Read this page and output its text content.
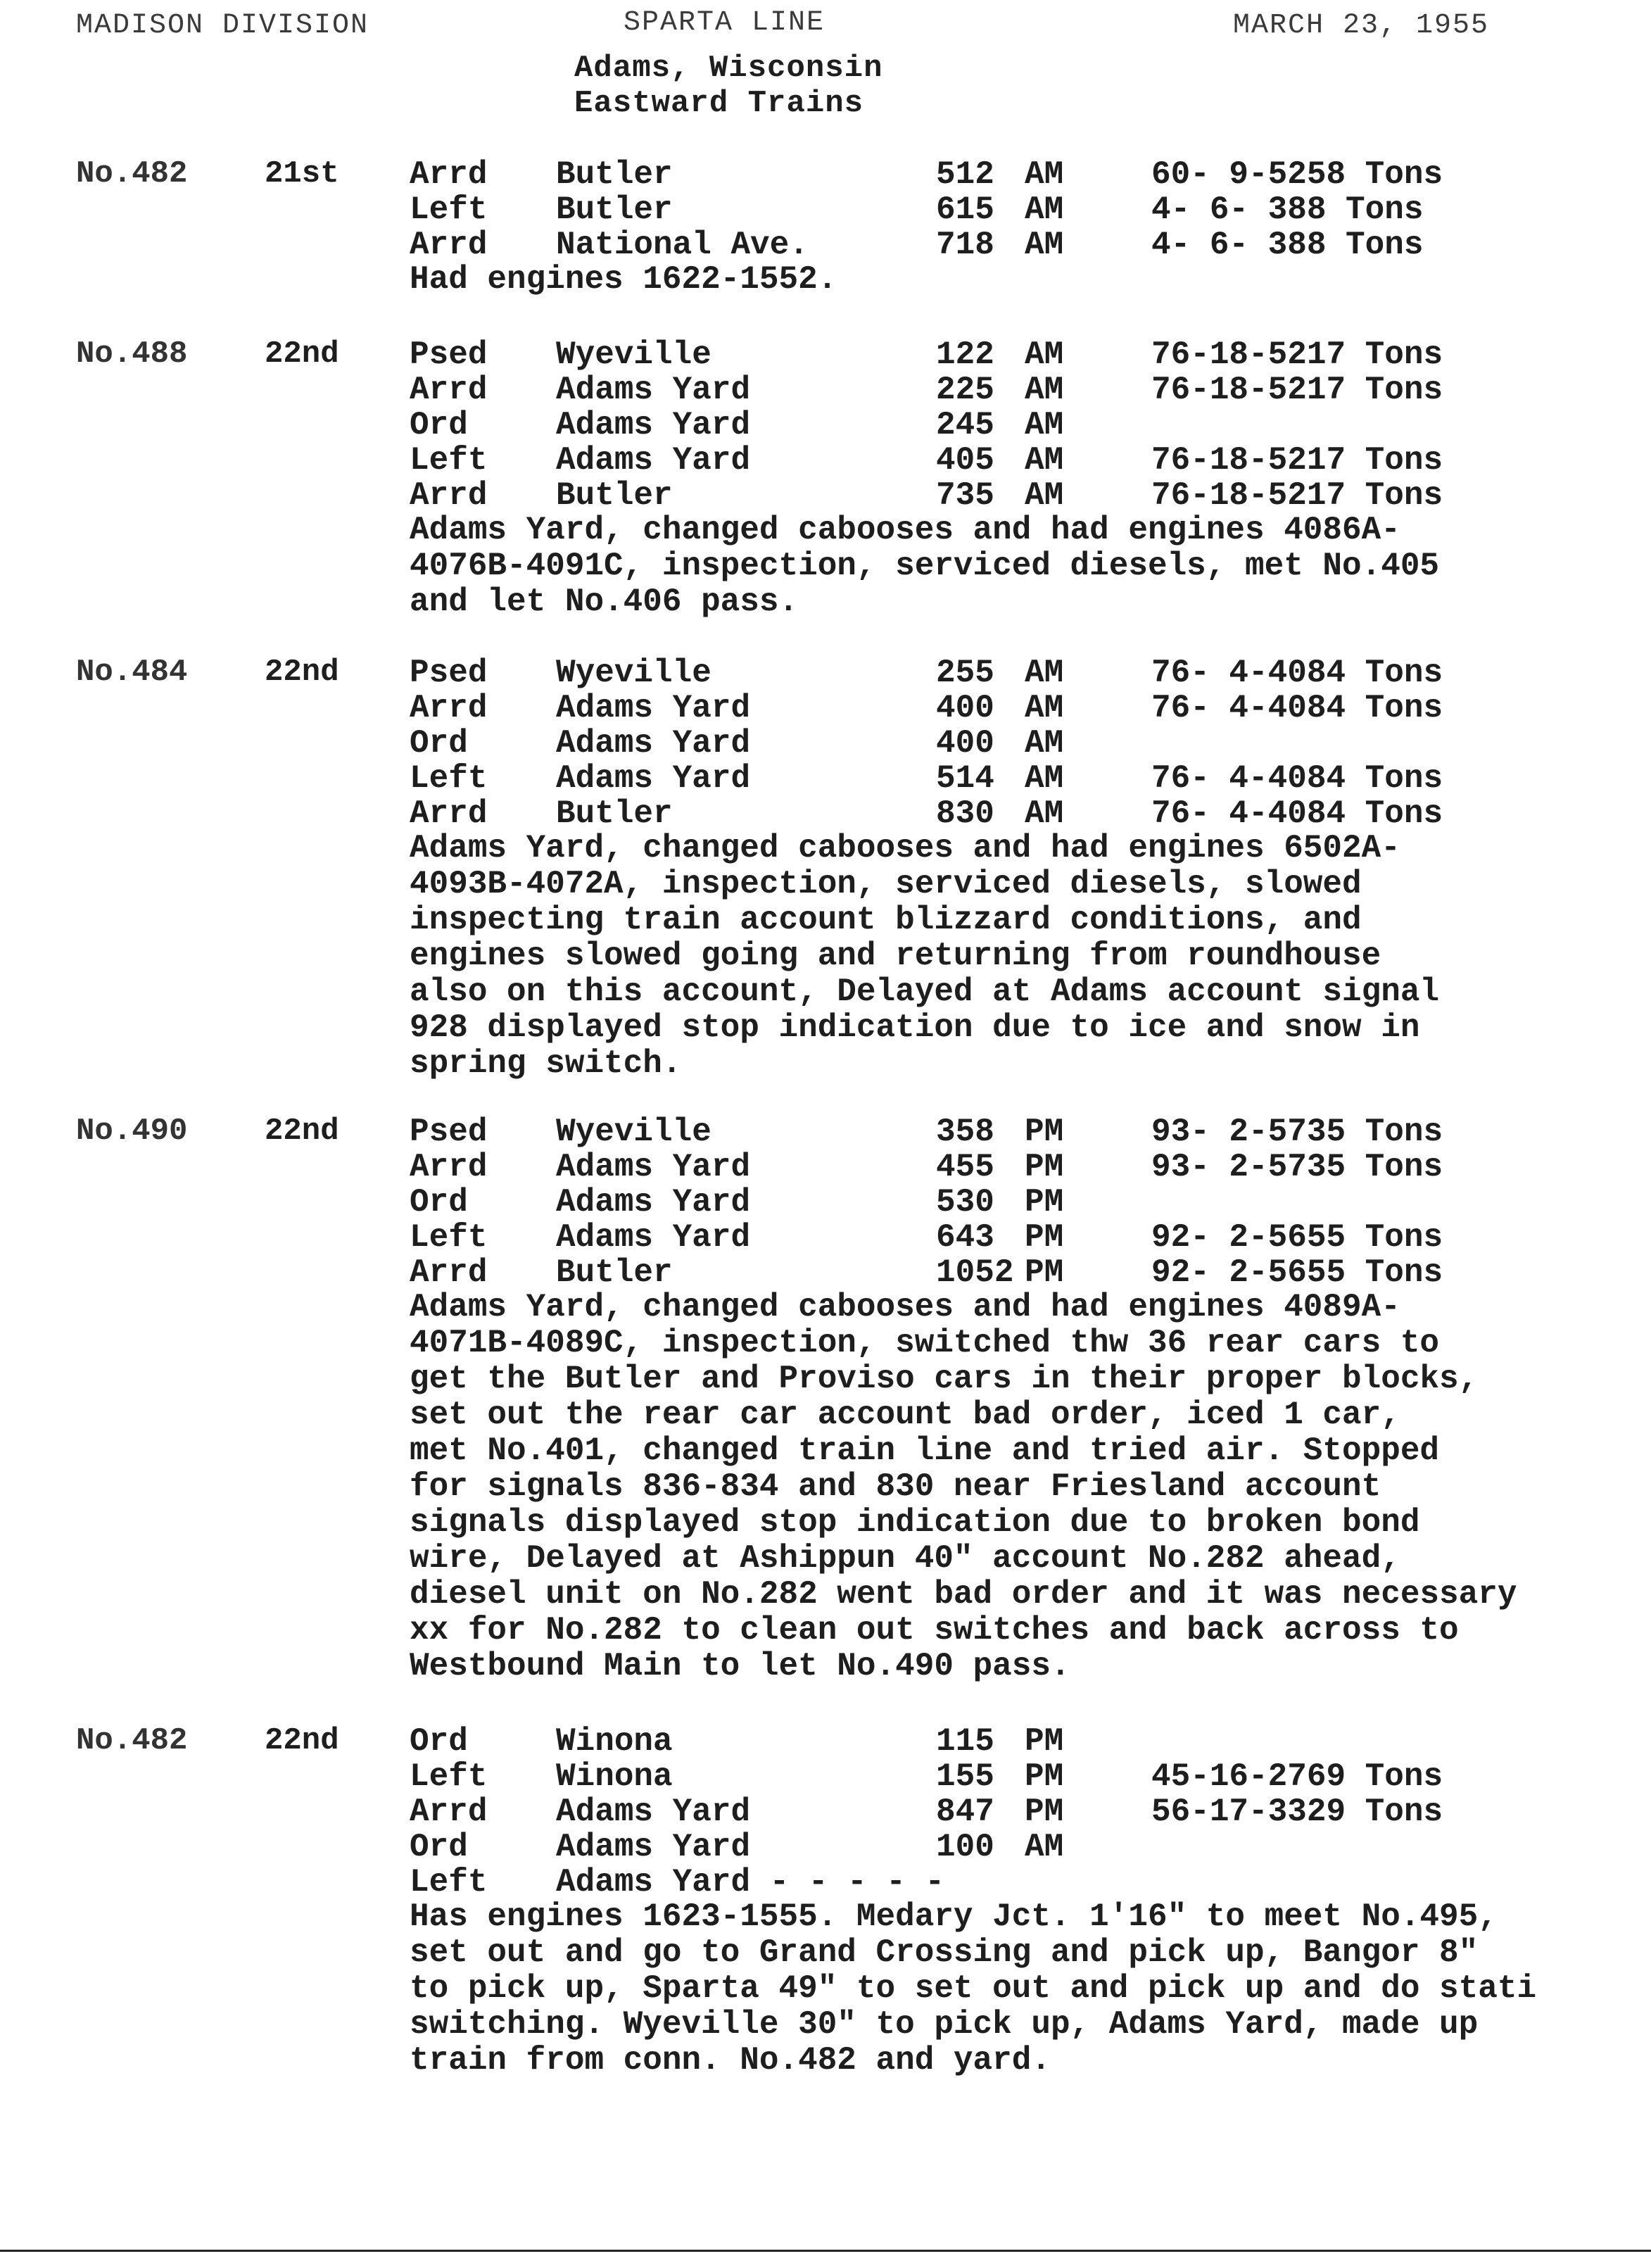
MADISON DIVISION	SPARTA LINE	MARCH 23, 1955
Adams, Wisconsin
Eastward Trains
No.482 21st Arrd Butler	512 AM	60- 9-5258 Tons
Left Butler	615 AM	4- 6- 388 Tons
Arrd National Ave.	718 AM	4- 6- 388 Tons
Had engines 1622-1552.
No.488 22nd Psed Wyeville	122 AM	76-18-5217 Tons
Arrd Adams Yard	225 AM	76-18-5217 Tons
Ord	Adams Yard	245 AM
Left Adams Yard	405 AM	76-18-5217 Tons
Arrd Butler	735 AM	76-18-5217 Tons
Adams Yard, changed cabooses and had engines 4086A-
4076B-4091C, inspection, serviced diesels, met No.405
and let No.406 pass.
No.484 22nd Psed Wyeville	255 AM	76- 4-4084 Tons
Arrd Adams Yard	400 AM	76- 4-4084 Tons
Ord	Adams Yard	400 AM
Left Adams Yard	514 AM	76- 4-4084 Tons
Arrd Butler	830 AM	76- 4-4084 Tons
Adams Yard, changed cabooses and had engines 6502A-
4093B-4072A, inspection, serviced diesels, slowed
inspecting train account blizzard conditions, and
engines slowed going and returning from roundhouse
also on this account, Delayed at Adams account signal
928 displayed stop indication due to ice and snow in
spring switch.
No.490 22nd Psed Wyeville	358 PM	93- 2-5735 Tons
Arrd Adams Yard	455 PM	93- 2-5735 Tons
Ord	Adams Yard	530 PM
Left Adams Yard	643 PM	92- 2-5655 Tons
Arrd Butler	1052 PM	92- 2-5655 Tons
Adams Yard, changed cabooses and had engines 4089A-
4071B-4089C, inspection, switched thw 36 rear cars to
get the Butler and Proviso cars in their proper blocks,
set out the rear car account bad order, iced 1 car,
met No.401, changed train line and tried air. Stopped
for signals 836-834 and 830 near Friesland account
signals displayed stop indication due to broken bond
wire, Delayed at Ashippun 40" account No.282 ahead,
diesel unit on No.282 went bad order and it was necessary
xx for No.282 to clean out switches and back across to
Westbound Main to let No.490 pass.
No.482 22nd Ord	Winona	115 PM
Left Winona	155 PM	45-16-2769 Tons
Arrd Adams Yard	847 PM	56-17-3329 Tons
Ord	Adams Yard	100 AM
Left Adams Yard - - - - -
Has engines 1623-1555. Medary Jct. 1'16" to meet No.495,
set out and go to Grand Crossing and pick up, Bangor 8"
to pick up, Sparta 49" to set out and pick up and do stati
switching. Wyeville 30" to pick up, Adams Yard, made up
train from conn. No.482 and yard.
